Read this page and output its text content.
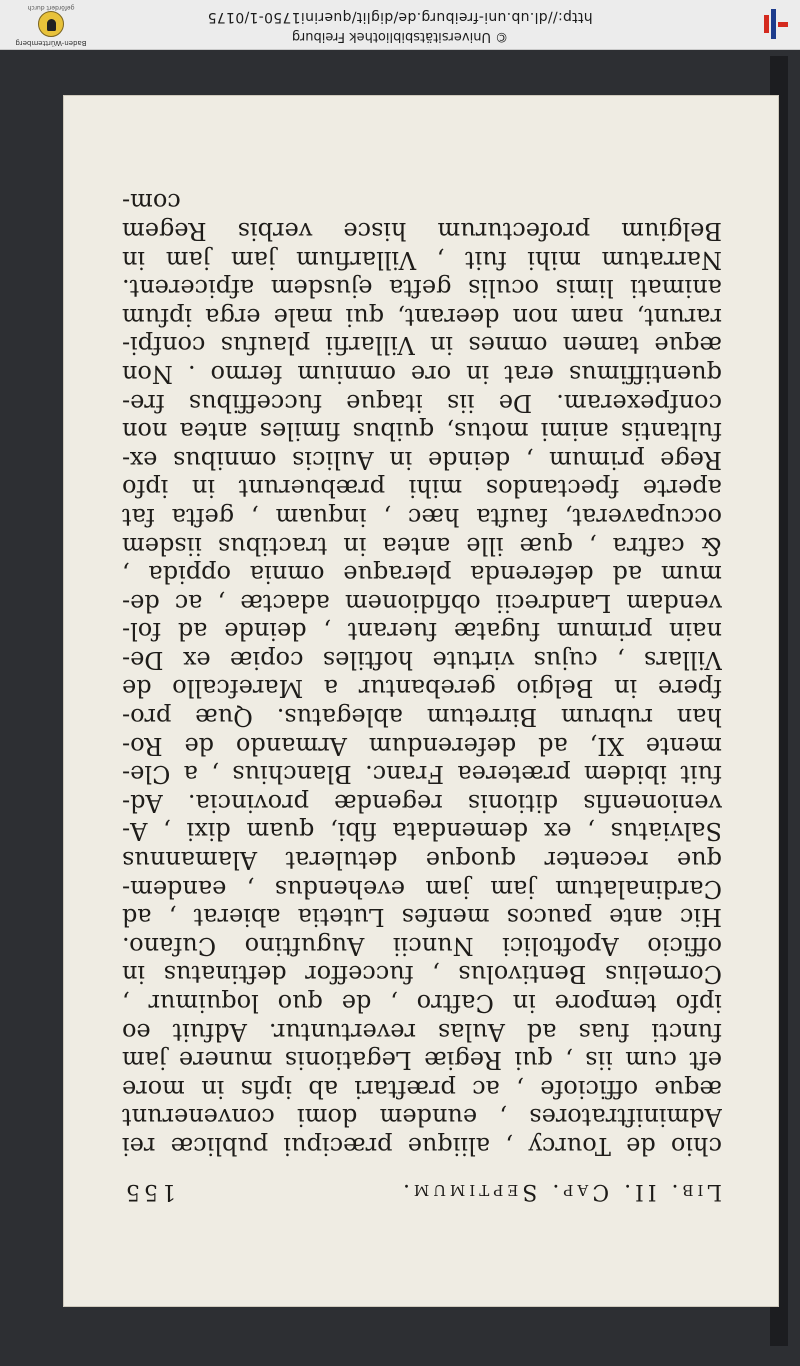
Lib. II. Cap. Septimum.
155
chio de Tourcy , aliique præcipui publicæ rei
Adminiftratores , eundem domi convenerunt
æque officiofe , ac præftari ab ipfis in more
eft cum iis , qui Regiæ Legationis munere jam
functi fuas ad Aulas revertuntur. Adfuit eo
ipfo tempore in Caftro , de quo loquimur ,
Cornelius Bentivolus , fucceffor deftinatus in
officio Apoftolici Nuncii Auguftino Cufano.
Hic ante paucos menfes Lutetia abierat , ad
Cardinalatum jam jam evehendus , eandem-
que recenter quoque detulerat Alamannus
Salviatus , ex demendata fibi, quam dixi , A-
venionenfis ditionis regendæ provincia. Ad-
fuit ibidem præterea Franc. Blanchius , a Cle-
mente XI, ad deferendum Armando de Ro-
han rubrum Birretum ablegatus. Quæ pro-
fpere in Belgio gerebantur a Marefcallo de
Villars , cujus virtute hoftiles copiæ ex De-
nain primum fugatæ fuerant , deinde ad fol-
vendam Landrecii obfidionem adactæ , ac de-
mum ad deferenda pleraque omnia oppida ,
& caftra , quæ ille antea in tractibus iisdem
occupaverat, faufta hæc , inquam , gefta fat
aperte fpectandos mihi præbuerunt in ipfo
Rege primum , deinde in Aulicis omnibus ex-
fultantis animi motus, quibus fimiles antea non
confpexeram. De iis itaque fucceffibus fre-
quentiffimus erat in ore omnium fermo . Non
æque tamen omnes in Villarfii plaufus confpi-
rarunt, nam non deerant, qui male erga ipfum
animati limis oculis gefta ejusdem afpicerent.
Narratum mihi fuit , Villarfium jam jam in
Belgium profecturum hisce verbis Regem
com-
© Universitätsbibliothek Freiburg
http://dl.ub.uni-freiburg.de/diglit/querini1750-1/0175
Baden-Württemberg
gefördert durch
